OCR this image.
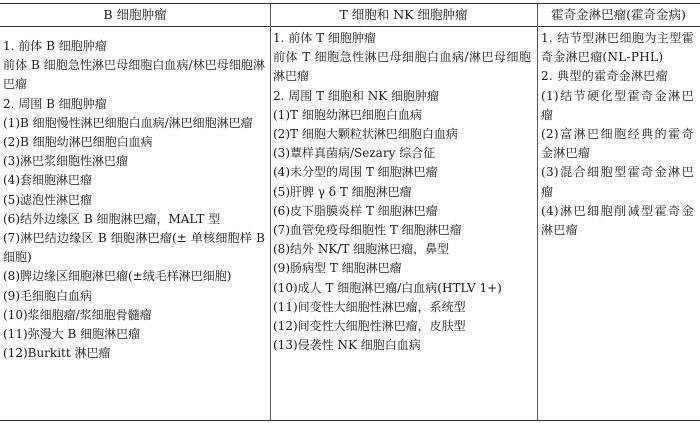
B 细胞肿瘤	T 细胞和 NK 细胞肿瘤	霍奇金淋巴瘤(霍奇金病)
1. 前体 B 细胞肿瘤
前体 B 细胞急性淋巴母细胞白血病/林巴母细胞淋巴瘤
2. 周围 B 细胞肿瘤
(1)B 细胞慢性淋巴细胞白血病/淋巴细胞淋巴瘤
(2)B 细胞幼淋巴细胞白血病
(3)淋巴浆细胞性淋巴瘤
(4)套细胞淋巴瘤
(5)滤泡性淋巴瘤
(6)结外边缘区 B 细胞淋巴瘤，MALT 型
(7)淋巴结边缘区 B 细胞淋巴瘤(± 单核细胞样 B 细胞)
(8)脾边缘区细胞淋巴瘤(±绒毛样淋巴细胞)
(9)毛细胞白血病
(10)浆细胞瘤/浆细胞骨髓瘤
(11)弥漫大 B 细胞淋巴瘤
(12)Burkitt 淋巴瘤
1. 前体 T 细胞肿瘤
前体 T 细胞急性淋巴母细胞白血病/淋巴母细胞淋巴瘤
2. 周围 T 细胞和 NK 细胞肿瘤
(1)T 细胞幼淋巴细胞白血病
(2)T 细胞大颗粒状淋巴细胞白血病
(3)蕈样真菌病/Sezary 综合征
(4)未分型的周围 T 细胞淋巴瘤
(5)肝脾 γ δ T 细胞淋巴瘤
(6)皮下脂膜炎样 T 细胞淋巴瘤
(7)血管免疫母细胞性 T 细胞淋巴瘤
(8)结外 NK/T 细胞淋巴瘤，鼻型
(9)肠病型 T 细胞淋巴瘤
(10)成人 T 细胞淋巴瘤/白血病(HTLV 1+)
(11)间变性大细胞性淋巴瘤，系统型
(12)间变性大细胞性淋巴瘤，皮肤型
(13)侵袭性 NK 细胞白血病
1. 结节型淋巴细胞为主型霍奇金淋巴瘤(NL-PHL)
2. 典型的霍奇金淋巴瘤
(1)结节硬化型霍奇金淋巴瘤
(2)富淋巴细胞经典的霍奇金淋巴瘤
(3)混合细胞型霍奇金淋巴瘤
(4)淋巴细胞削减型霍奇金淋巴瘤
